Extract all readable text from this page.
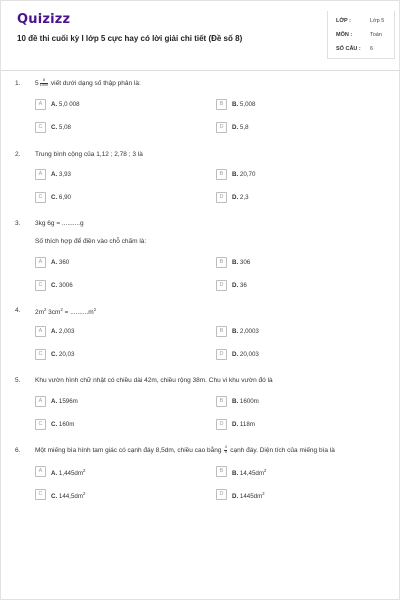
Quizizz
10 đề thi cuối kỳ I lớp 5 cực hay có lời giải chi tiết (Đề số 8)
LỚP :	Lớp 5
MÔN :	Toán
SỐ CÂU : 6
1. $5 \frac{8}{1000}$ viết dưới dạng số thập phân là:
A	A. 5,0 008	B	B. 5,008
C	C. 5,08	D	D. 5,8
2. Trung bình cộng của 1,12 ; 2,78 ; 3 là
A	A. 3,93	B	B. 20,70
C	C. 6,90	D	D. 2,3
3. 3kg 6g = ..........g
Số thích hợp để điền vào chỗ chấm là:
A	A. 360	B	B. 306
C	C. 3006	D	D. 36
4. $2m^2$ $3cm^2 = ..........m^2$
A	A. 2,003	B	B. 2,0003
C	C. 20,03	D	D. 20,003
5. Khu vườn hình chữ nhật có chiều dài 42m, chiều rộng 38m. Chu vi khu vườn đó là
A	A. 1596m	B	B. 1600m
C	C. 160m	D	D. 118m
6. Một miếng bìa hình tam giác có cạnh đáy 8,5dm, chiều cao bằng $\frac{4}{5}$ cạnh đáy. Diện tích của miếng bìa là
A	A. $1,445dm^2$	B	B. $14,45dm^2$
C	C. $144,5dm^2$	D	D. $1445dm^2$
